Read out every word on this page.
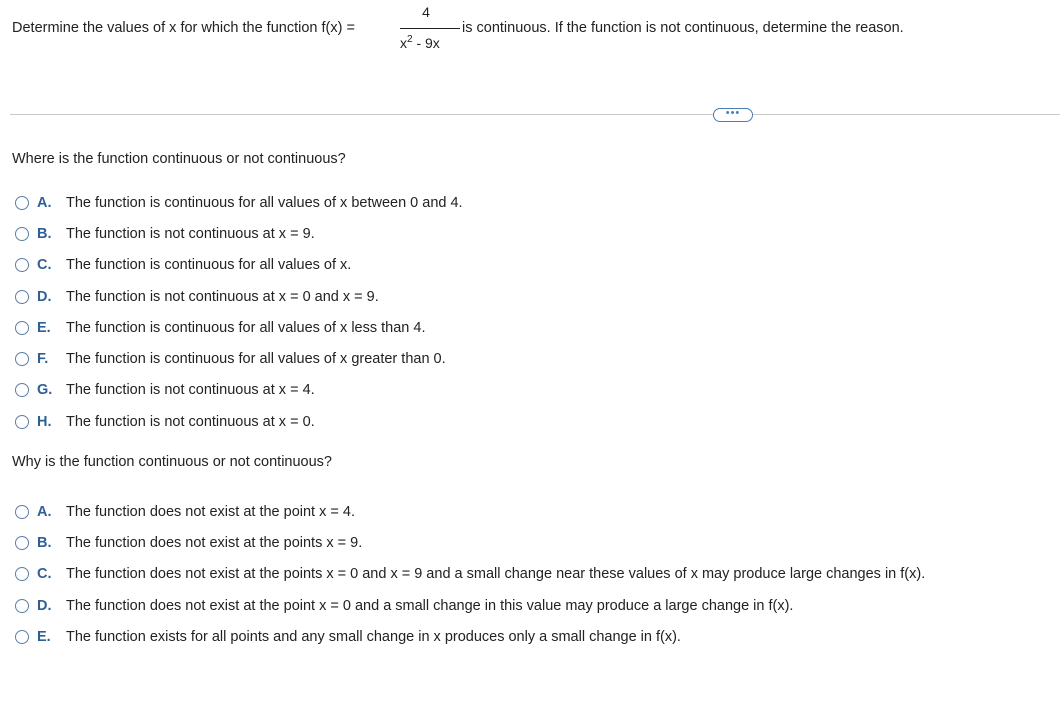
Determine the values of x for which the function f(x) =
4
$x^2 - 9x$
is continuous. If the function is not continuous, determine the reason.
•••
Where is the function continuous or not continuous?
A.	The function is continuous for all values of x between 0 and 4.
B.	The function is not continuous at x = 9.
C.	The function is continuous for all values of x.
D.	The function is not continuous at x = 0 and x = 9.
E.	The function is continuous for all values of x less than 4.
F.	The function is continuous for all values of x greater than 0.
G. The function is not continuous at x = 4.
H.	The function is not continuous at x = 0.
Why is the function continuous or not continuous?
A.	The function does not exist at the point x = 4.
B.	The function does not exist at the points x = 9.
C.	The function does not exist at the points x = 0 and x = 9 and a small change near these values of x may produce large changes in f(x).
D.	The function does not exist at the point x = 0 and a small change in this value may produce a large change in f(x).
E.	The function exists for all points and any small change in x produces only a small change in f(x).
